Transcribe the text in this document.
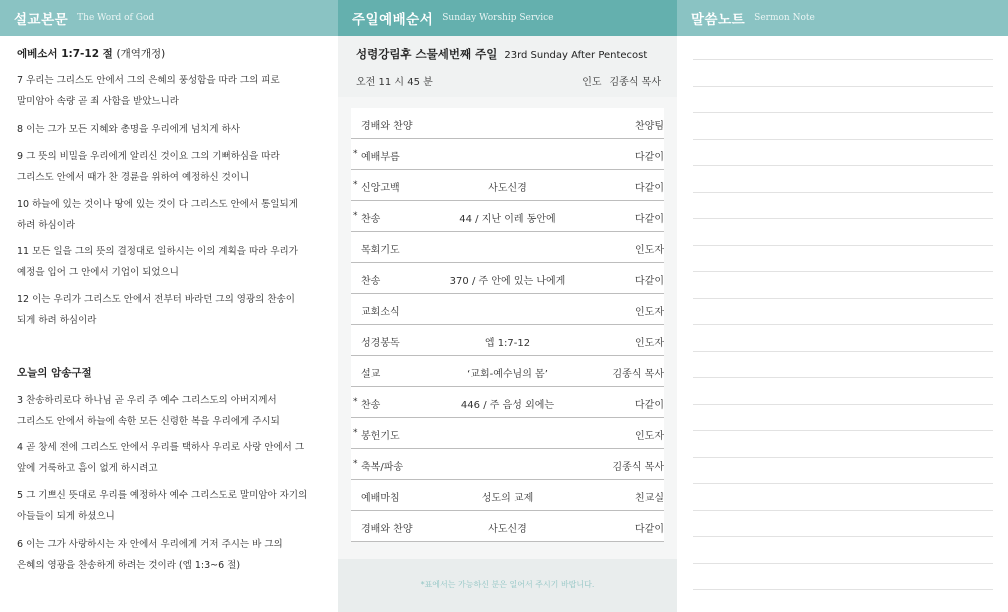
설교본문 The Word of God
에베소서 1:7-12 절 (개역개정)
7 우리는 그리스도 안에서 그의 은혜의 풍성함을 따라 그의 피로
말미암아 속량 곧 죄 사함을 받았느니라
8 이는 그가 모든 지혜와 총명을 우리에게 넘치게 하사
9 그 뜻의 비밀을 우리에게 알리신 것이요 그의 기뻐하심을 따라
그리스도 안에서 때가 찬 경륜을 위하여 예정하신 것이니
10 하늘에 있는 것이나 땅에 있는 것이 다 그리스도 안에서 통일되게
하려 하심이라
11 모든 일을 그의 뜻의 결정대로 일하시는 이의 계획을 따라 우리가
예정을 입어 그 안에서 기업이 되었으니
12 이는 우리가 그리스도 안에서 전부터 바라던 그의 영광의 찬송이
되게 하려 하심이라
오늘의 암송구절
3 찬송하리로다 하나님 곧 우리 주 예수 그리스도의 아버지께서
그리스도 안에서 하늘에 속한 모든 신령한 복을 우리에게 주시되
4 곧 창세 전에 그리스도 안에서 우리를 택하사 우리로 사랑 안에서 그
앞에 거룩하고 흠이 없게 하시려고
5 그 기쁘신 뜻대로 우리를 예정하사 예수 그리스도로 말미암아 자기의
아들들이 되게 하셨으니
6 이는 그가 사랑하시는 자 안에서 우리에게 거저 주시는 바 그의
은혜의 영광을 찬송하게 하려는 것이라 (엡 1:3~6 절)
주일예배순서 Sunday Worship Service
성령강림후 스물세번째 주일 23rd Sunday After Pentecost
오전 11 시 45 분	인도 김종식 목사
경배와 찬양	찬양팀
* 예배부름	다같이
* 신앙고백	사도신경	다같이
* 찬송	44 / 지난 이레 동안에	다같이
목회기도	인도자
찬송	370 / 주 안에 있는 나에게	다같이
교회소식	인도자
성경봉독	엡 1:7-12	인도자
설교	‘교회-예수님의 몸’	김종식 목사
* 찬송	446 / 주 음성 외에는	다같이
* 봉헌기도	인도자
* 축복/파송	김종식 목사
예배마침	성도의 교제	친교실
경배와 찬양	사도신경	다같이
*표에서는 가능하신 분은 일어서 주시기 바랍니다.
말씀노트 Sermon Note
